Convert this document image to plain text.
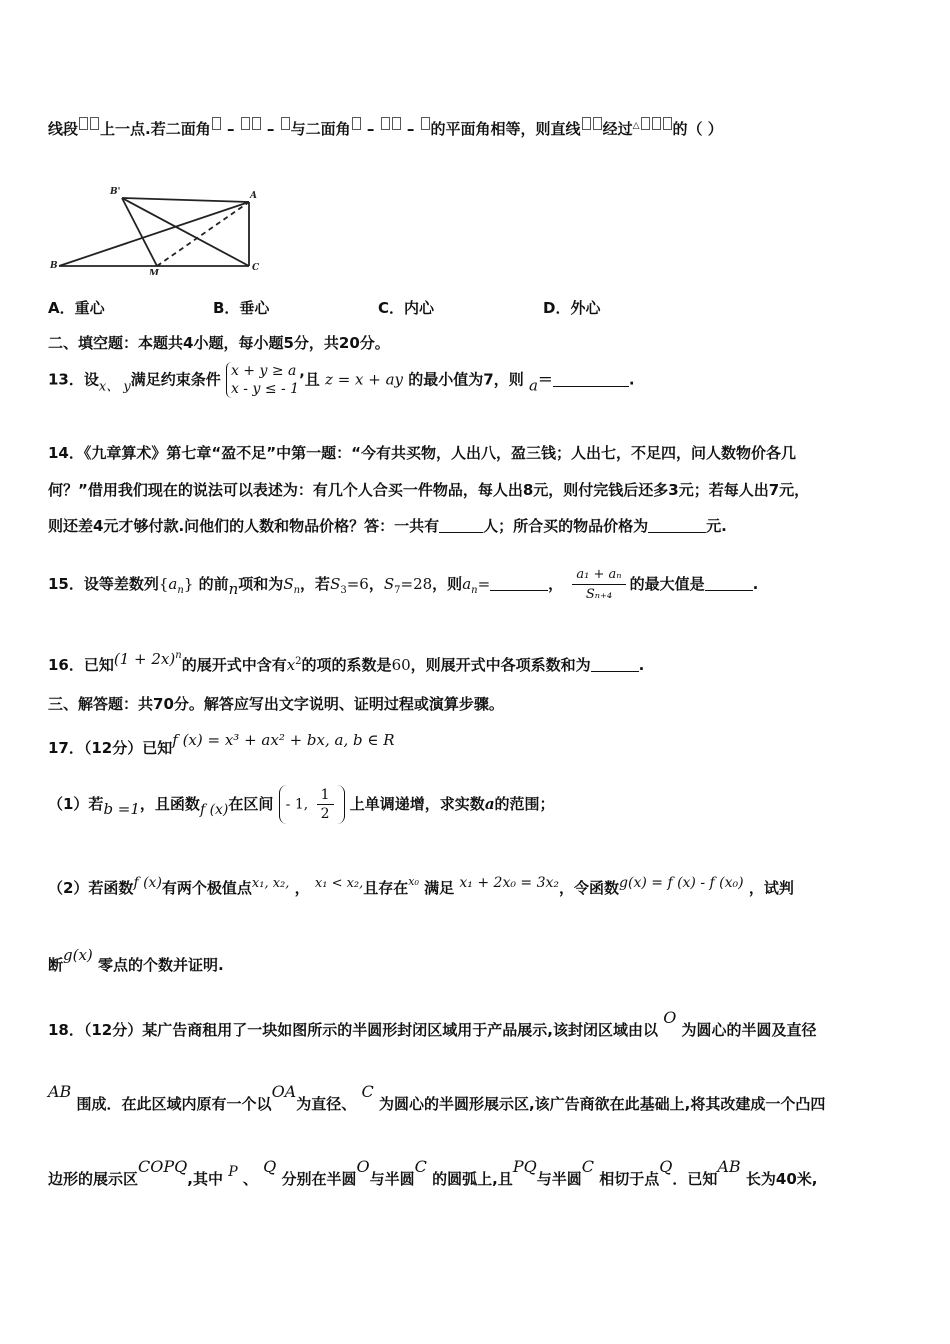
线段 上一点.若二面角 –  – 与二面角 –  – 的平面角相等，则直线 经过△ 的（ ）
B'	A
B
M
C
A．重心	B．垂心	C．内心	D．外心
二、填空题：本题共4小题，每小题5分，共20分。
13．设x、 y满足约束条件 x + y ≥ a
x - y ≤ - 1
’且 z = x + ay 的最小值为7，则 a＝	.
14．《九章算术》第七章“盈不足”中第一题：“今有共买物，人出八，盈三钱；人出七，不足四，问人数物价各几
何？”借用我们现在的说法可以表述为：有几个人合买一件物品，每人出8元，则付完钱后还多3元；若每人出7元，
则还差4元才够付款.问他们的人数和物品价格？答：一共有	人；所合买的物品价格为	元.
15．设等差数列$\{a_n\}$ 的前n项和为$S_n$，若$S_3=6$，$S_7=28$，则$a_n=$	， $\frac{\text{a₁ + aₙ}}{\text{Sₙ₊₄}}$ 的最大值是	.
16．已知$(1 + 2x)^n$的展开式中含有$x^2$的项的系数是60，则展开式中各项系数和为	.
三、解答题：共70分。解答应写出文字说明、证明过程或演算步骤。
17．（12分）已知f (x) = x³ + ax² + bx, a, b ∈ R
（1）若b =1，且函数f (x)在区间 - 1, $\frac{1}{2}$ 上单调递增，求实数a的范围；
（2）若函数f (x)有两个极值点x₁, x₂, ， x₁ < x₂,且存在$^{x_0}$ 满足 x₁ + 2x₀ = 3x₂，令函数g(x) = f (x) - f (x₀) ，试判
断g(x) 零点的个数并证明.
18．（12分）某广告商租用了一块如图所示的半圆形封闭区域用于产品展示,该封闭区域由以 O 为圆心的半圆及直径
AB 围成．在此区域内原有一个以OA为直径、 C 为圆心的半圆形展示区,该广告商欲在此基础上,将其改建成一个凸四
边形的展示区COPQ,其中 P 、 Q 分别在半圆O与半圆C 的圆弧上,且PQ与半圆C 相切于点Q．已知AB 长为40米,
